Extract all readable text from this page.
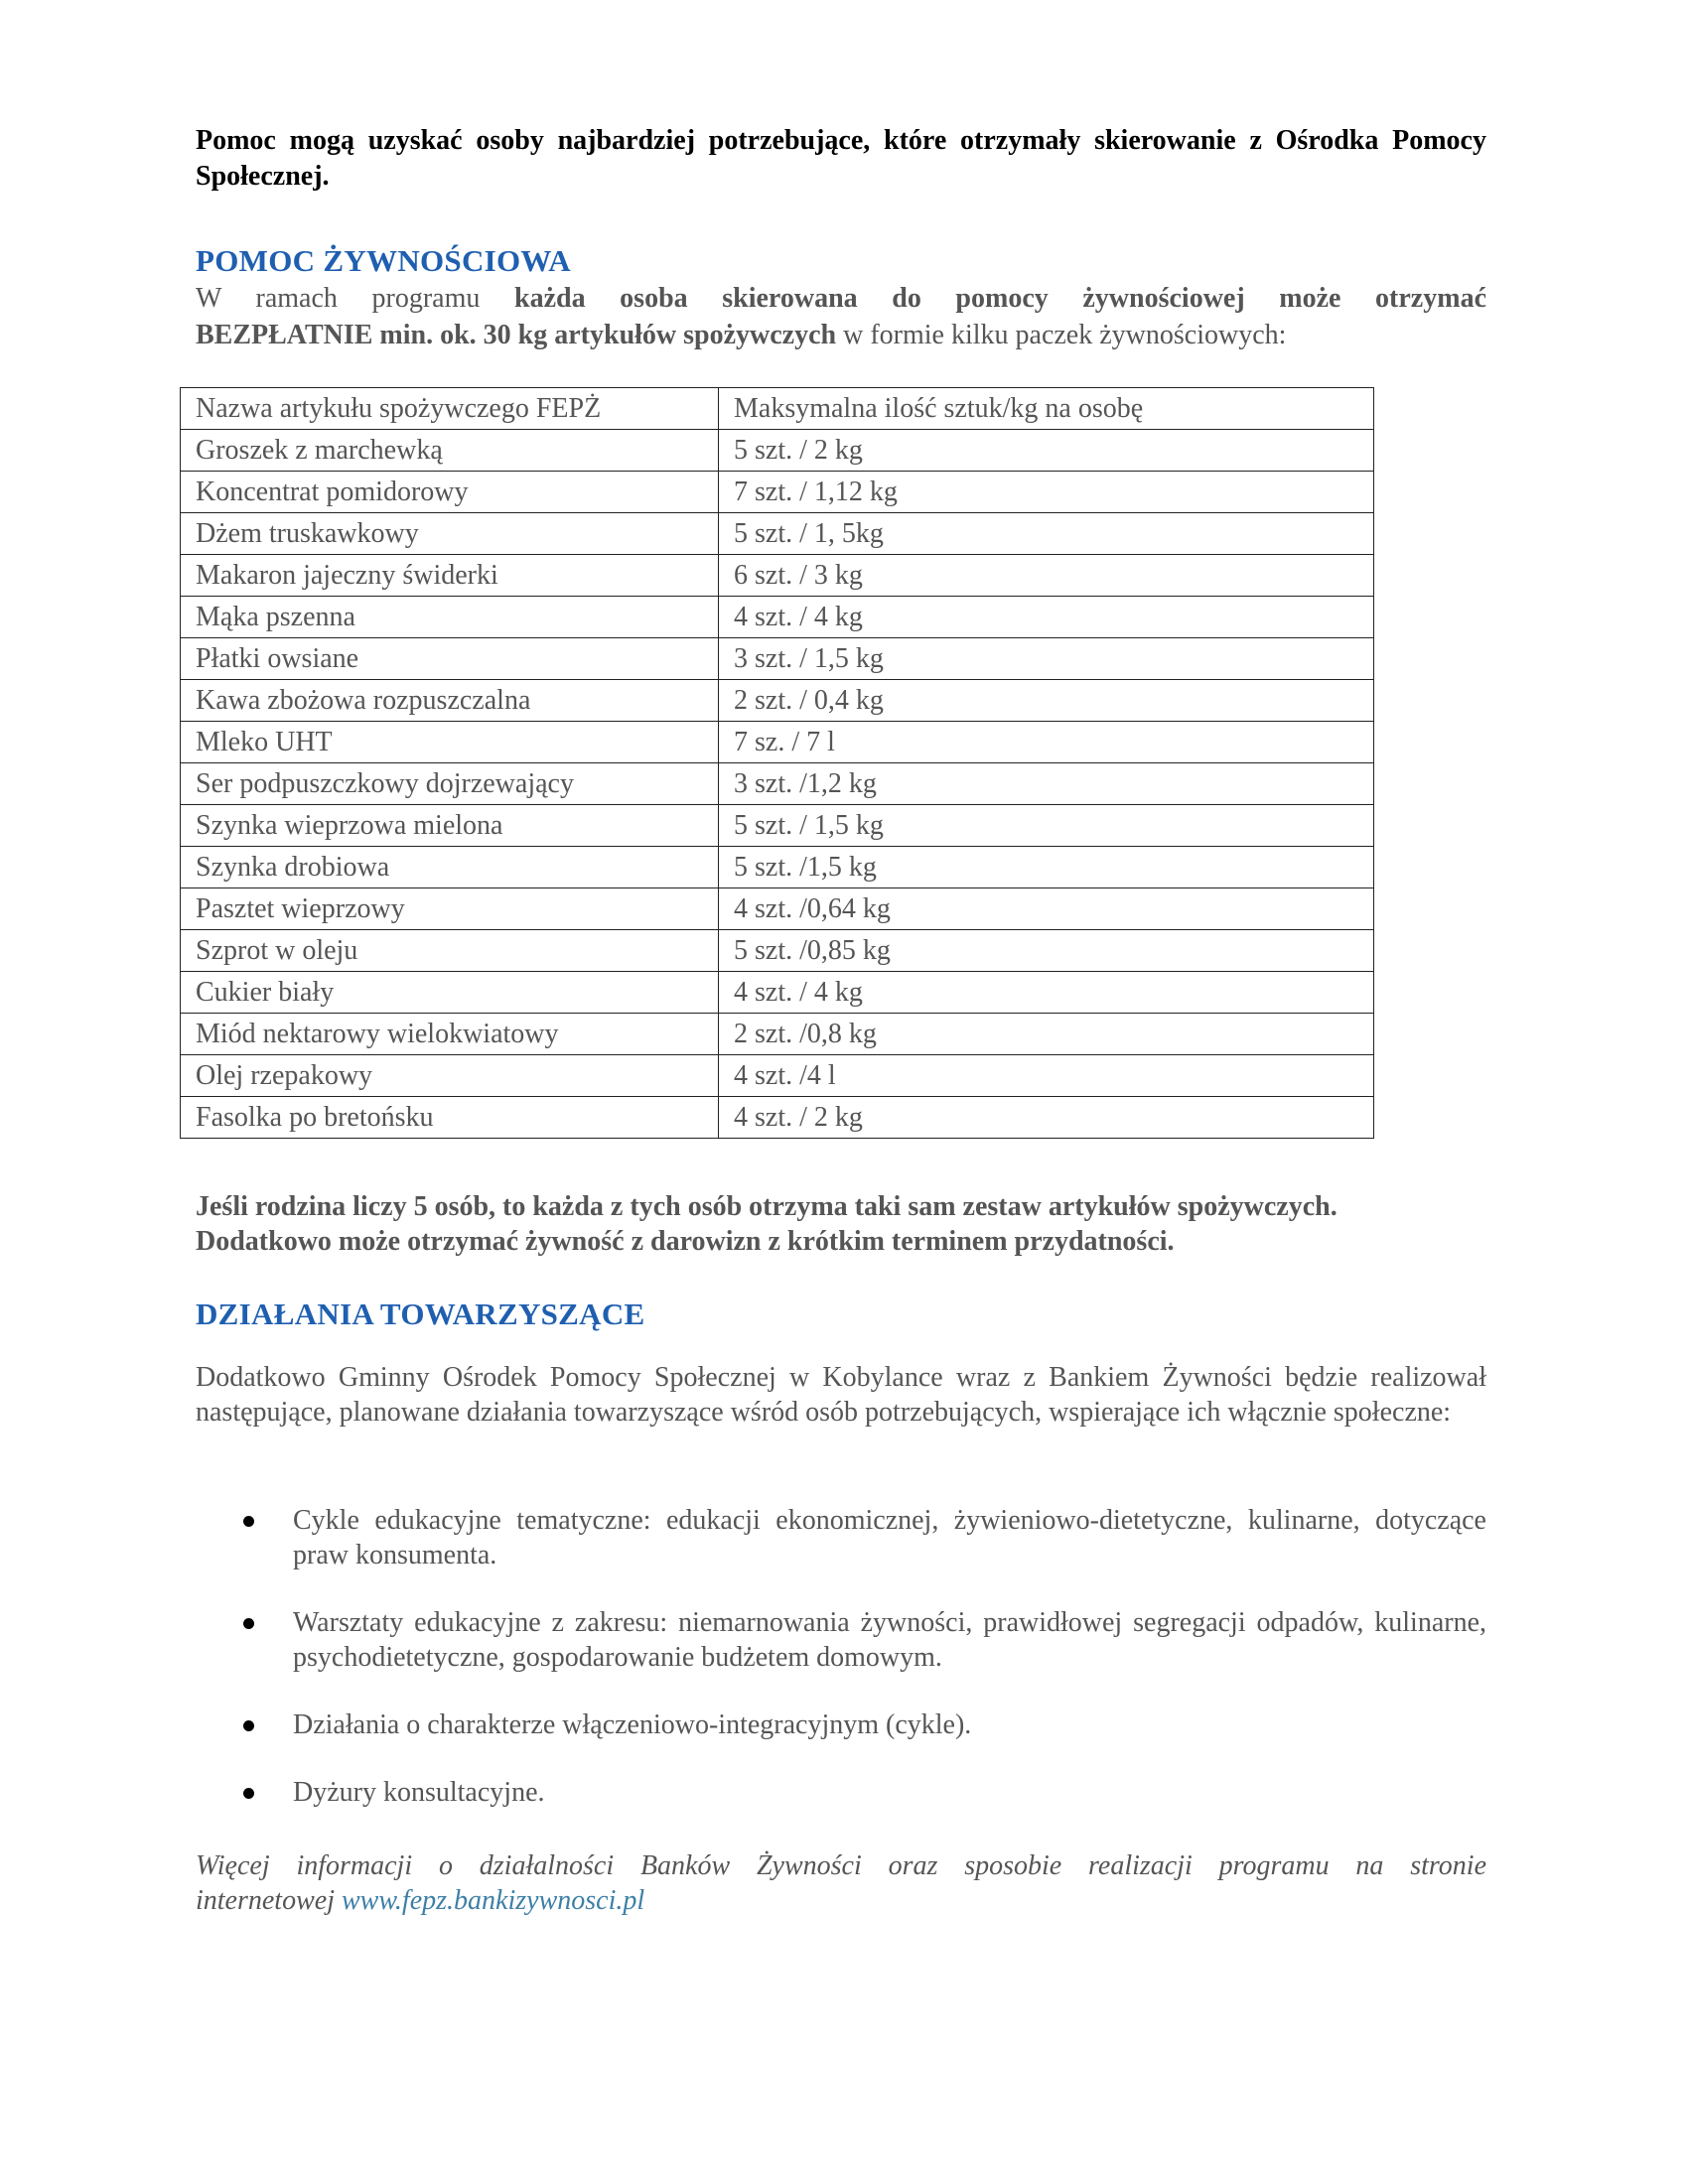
Pomoc mogą uzyskać osoby najbardziej potrzebujące, które otrzymały skierowanie z Ośrodka Pomocy Społecznej.

POMOC ŻYWNOŚCIOWA
W ramach programu każda osoba skierowana do pomocy żywnościowej może otrzymać
BEZPŁATNIE min. ok. 30 kg artykułów spożywczych w formie kilku paczek żywnościowych:
Nazwa artykułu spożywczego FEPŻ	Maksymalna ilość sztuk/kg na osobę
Groszek z marchewką	5 szt. / 2 kg
Koncentrat pomidorowy	7 szt. / 1,12 kg
Dżem truskawkowy	5 szt. / 1, 5kg
Makaron jajeczny świderki	6 szt. / 3 kg
Mąka pszenna	4 szt. / 4 kg
Płatki owsiane	3 szt. / 1,5 kg
Kawa zbożowa rozpuszczalna	2 szt. / 0,4 kg
Mleko UHT	7 sz. / 7 l
Ser podpuszczkowy dojrzewający	3 szt. /1,2 kg
Szynka wieprzowa mielona	5 szt. / 1,5 kg
Szynka drobiowa	5 szt. /1,5 kg
Pasztet wieprzowy	4 szt. /0,64 kg
Szprot w oleju	5 szt. /0,85 kg
Cukier biały	4 szt. / 4 kg
Miód nektarowy wielokwiatowy	2 szt. /0,8 kg
Olej rzepakowy	4 szt. /4 l
Fasolka po bretońsku	4 szt. / 2 kg
Jeśli rodzina liczy 5 osób, to każda z tych osób otrzyma taki sam zestaw artykułów spożywczych.
Dodatkowo może otrzymać żywność z darowizn z krótkim terminem przydatności.
DZIAŁANIA TOWARZYSZĄCE

Dodatkowo Gminny Ośrodek Pomocy Społecznej w Kobylance wraz z Bankiem Żywności będzie realizował następujące, planowane działania towarzyszące wśród osób potrzebujących, wspierające ich włącznie społeczne:

Cykle edukacyjne tematyczne: edukacji ekonomicznej, żywieniowo-dietetyczne, kulinarne, dotyczące praw konsumenta.
Warsztaty edukacyjne z zakresu: niemarnowania żywności, prawidłowej segregacji odpadów, kulinarne, psychodietetyczne, gospodarowanie budżetem domowym.
Działania o charakterze włączeniowo-integracyjnym (cykle).
Dyżury konsultacyjne.

Więcej informacji o działalności Banków Żywności oraz sposobie realizacji programu na stronie
internetowej www.fepz.bankizywnosci.pl
